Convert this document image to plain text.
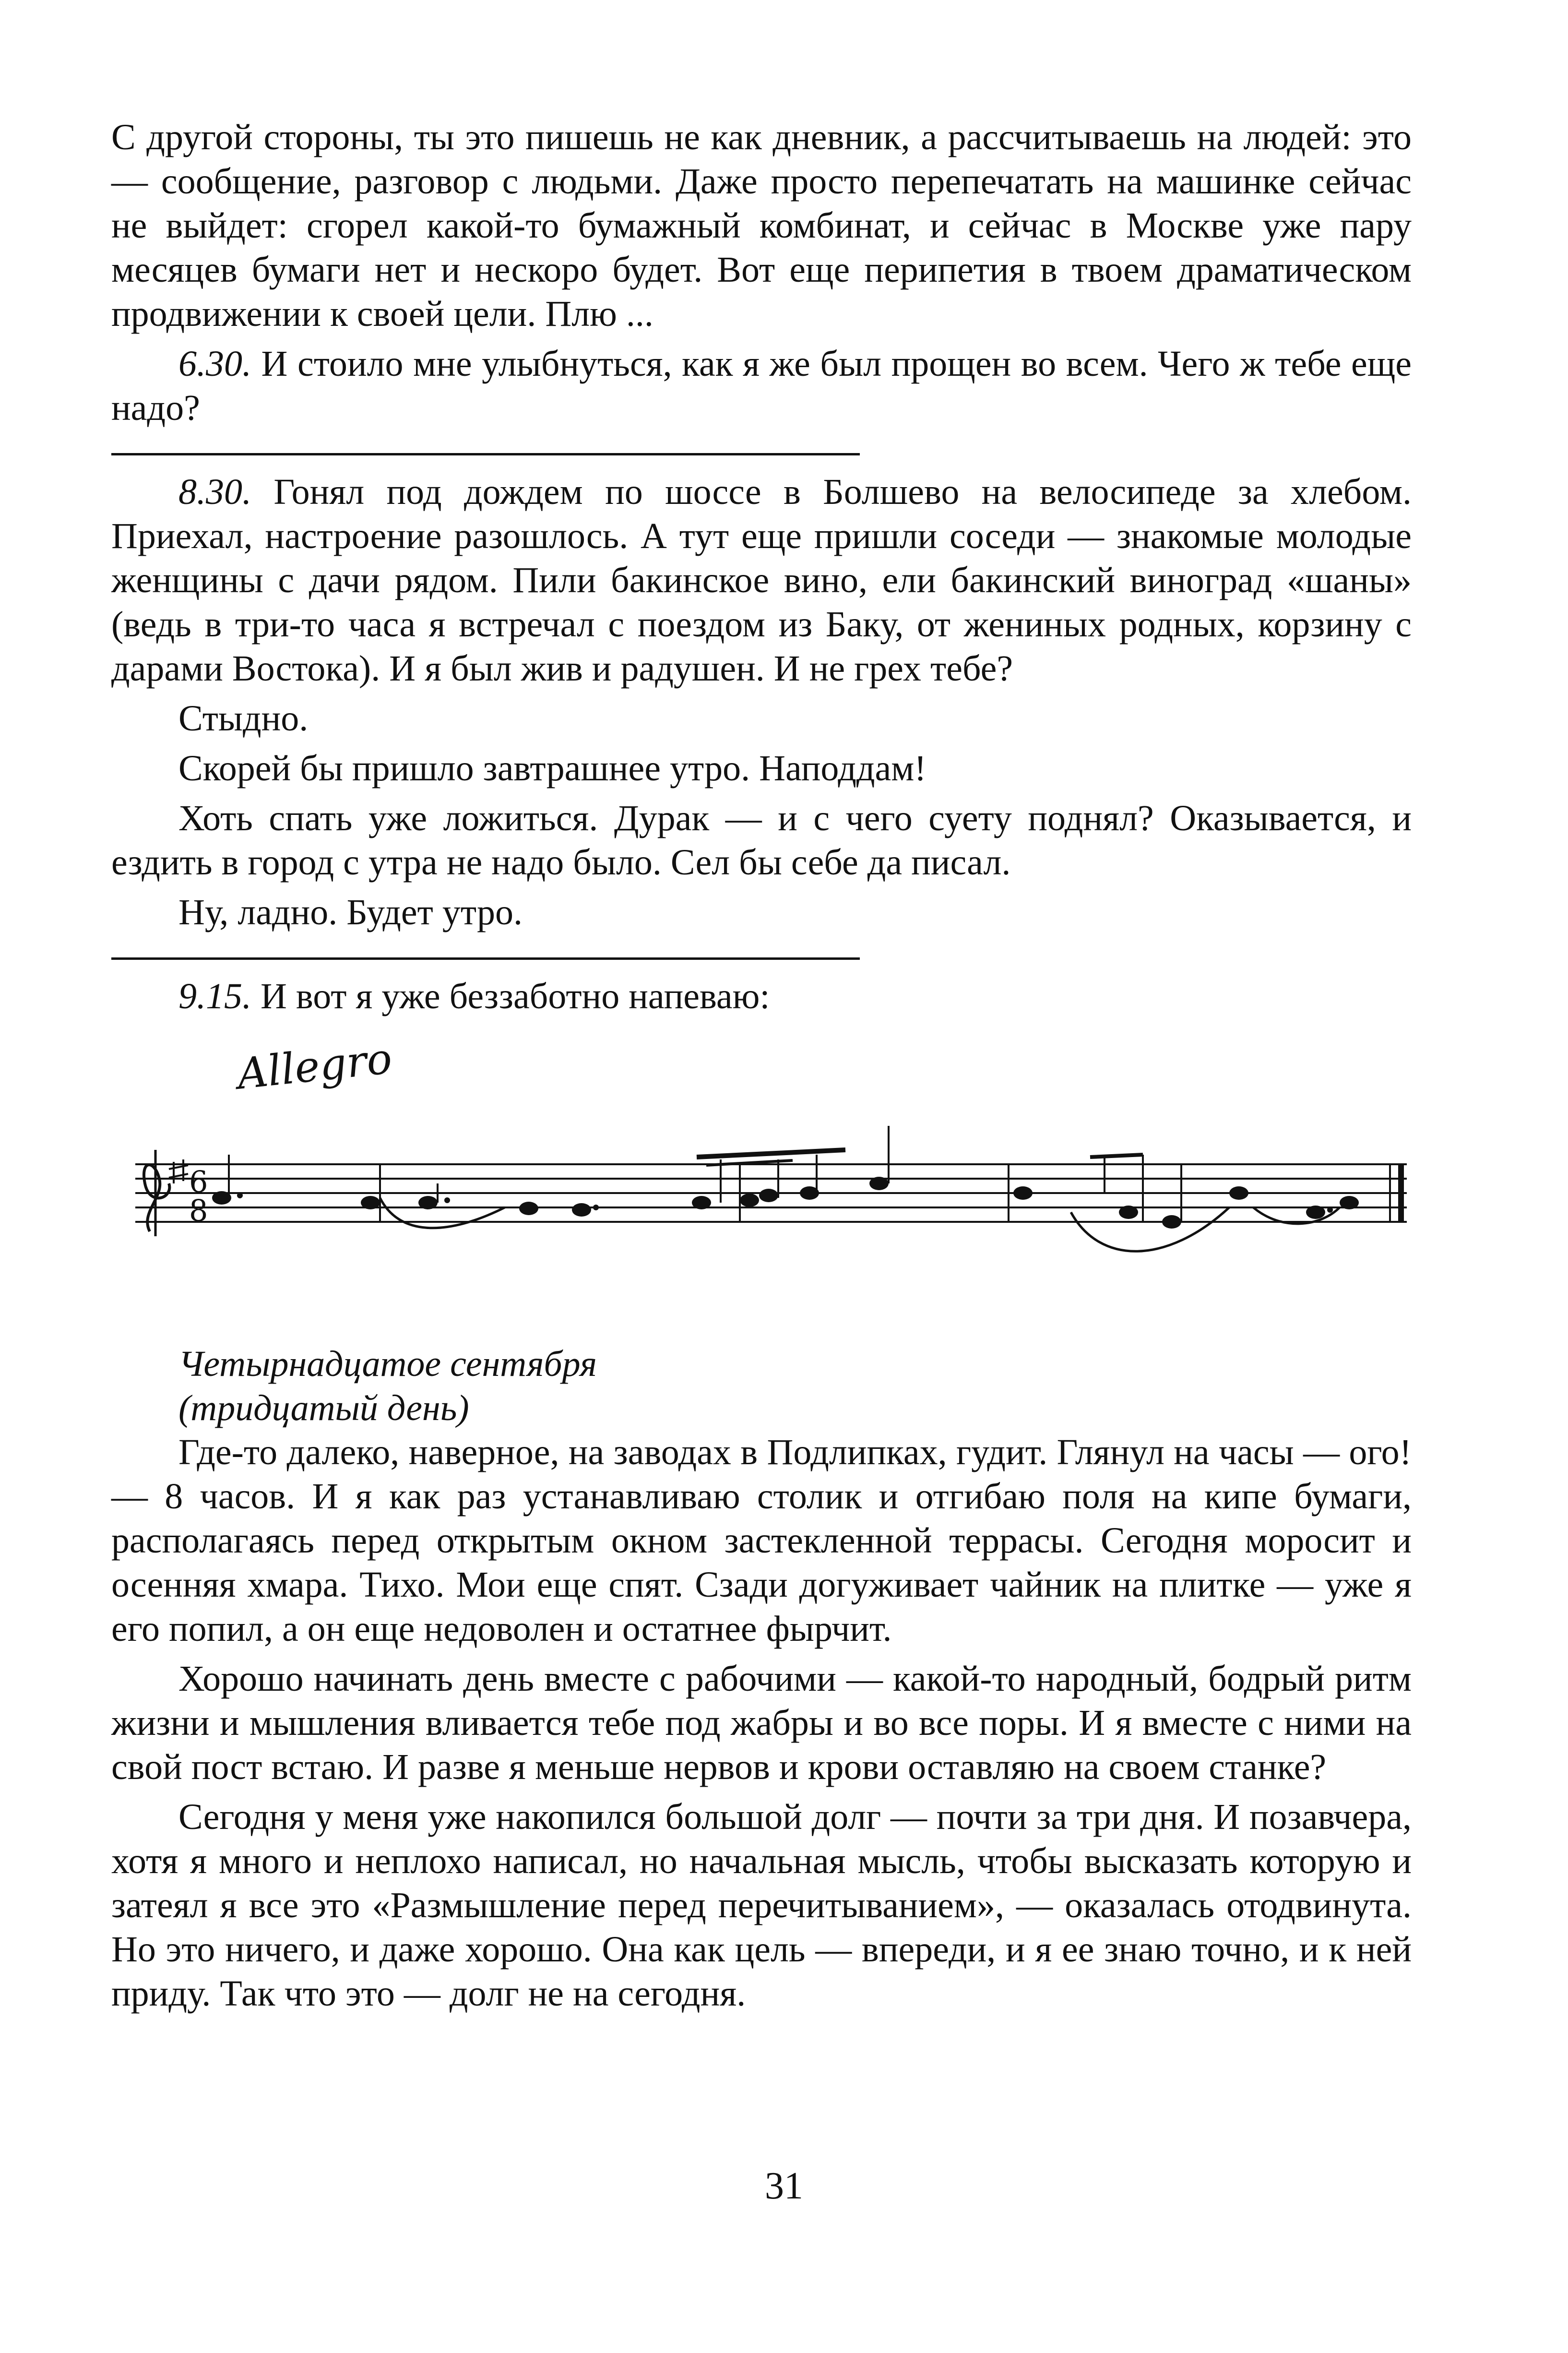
С другой стороны, ты это пишешь не как дневник, а рассчитываешь на людей: это — сообщение, разговор с людьми. Даже просто перепечатать на машинке сейчас не выйдет: сгорел какой-то бумажный комбинат, и сейчас в Москве уже пару месяцев бумаги нет и нескоро будет. Вот еще перипетия в твоем драматическом продвижении к своей цели. Плю ...

6.30. И стоило мне улыбнуться, как я же был прощен во всем. Чего ж тебе еще надо?

8.30. Гонял под дождем по шоссе в Болшево на велосипеде за хлебом. Приехал, настроение разошлось. А тут еще пришли соседи — знакомые молодые женщины с дачи рядом. Пили бакинское вино, ели бакинский виноград «шаны» (ведь в три-то часа я встречал с поездом из Баку, от жениных родных, корзину с дарами Востока). И я был жив и радушен. И не грех тебе?

Стыдно.

Скорей бы пришло завтрашнее утро. Наподдам!

Хоть спать уже ложиться. Дурак — и с чего суету поднял? Оказывается, и ездить в город с утра не надо было. Сел бы себе да писал.

Ну, ладно. Будет утро.

9.15. И вот я уже беззаботно напеваю:

Allegro
6
8
Четырнадцатое сентября
(тридцатый день)

Где-то далеко, наверное, на заводах в Подлипках, гудит. Глянул на часы — ого! — 8 часов. И я как раз устанавливаю столик и отгибаю поля на кипе бумаги, располагаясь перед открытым окном застекленной террасы. Сегодня моросит и осенняя хмара. Тихо. Мои еще спят. Сзади догуживает чайник на плитке — уже я его попил, а он еще недоволен и остатнее фырчит.

Хорошо начинать день вместе с рабочими — какой-то народный, бодрый ритм жизни и мышления вливается тебе под жабры и во все поры. И я вместе с ними на свой пост встаю. И разве я меньше нервов и крови оставляю на своем станке?

Сегодня у меня уже накопился большой долг — почти за три дня. И позавчера, хотя я много и неплохо написал, но начальная мысль, чтобы высказать которую и затеял я все это «Размышление перед перечитыванием», — оказалась отодвинута. Но это ничего, и даже хорошо. Она как цель — впереди, и я ее знаю точно, и к ней приду. Так что это — долг не на сегодня.

31
